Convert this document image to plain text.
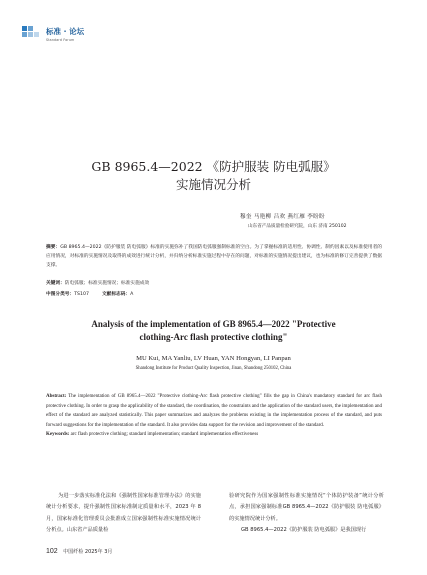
标准 · 论坛
Standard Forum
GB 8965.4—2022 《防护服装 防电弧服》
实施情况分析
穆奎 马艳柳 吕欢 燕红雁 李盼盼
山东省产品质量检验研究院，山东 济南 250102
摘要：GB 8965.4—2022《防护服装 防电弧服》标准的实施弥补了我国防电弧服强制标准的空白。为了掌握标准的适用性、协调性、制约因素以及标准使用者的应用情况，对标准的实施情况及取得的成效进行统计分析，并归纳分析标准实施过程中存在的问题，对标准的实施情况提出建议，也为标准的修订完善提供了数据支撑。
关键词：防电弧服；标准实施情况；标准实施成效
中图分类号：TS107	文献标志码：A
Analysis of the implementation of GB 8965.4—2022 "Protective
clothing-Arc flash protective clothing"
MU Kui, MA Yanliu, LV Huan, YAN Hongyan, LI Panpan
Shandong Institute for Product Quality Inspection, Jinan, Shandong 250102, China
Abstract: The implementation of GB 8965.4—2022 "Protective clothing-Arc flash protective clothing" fills the gap in China's mandatory standard for arc flash protective clothing. In order to grasp the applicability of the standard, the coordination, the constraints and the application of the standard users, the implementation and effect of the standard are analyzed statistically. This paper summarizes and analyzes the problems existing in the implementation process of the standard, and puts forward suggestions for the implementation of the standard. It also provides data support for the revision and improvement of the standard.
Keywords: arc flash protective clothing; standard implementation; standard implementation effectiveness
为进一步落实标准化法和《强制性国家标准管理办法》的实施统计分析要求，提升强制性国家标准制定质量和水平，2023 年 8 月，国家标准化管理委员会批准成立国家强制性标准实施情况统计分析点。山东省产品质量检
验研究院作为国家强制性标准实施情况“个体防护装备”统计分析点，承担国家强制标准GB 8965.4—2022《防护服装 防电弧服》的实施情况统计分析。
GB 8965.4—2022《防护服装 防电弧服》是我国现行
102 中国纤检 2025年 3月
